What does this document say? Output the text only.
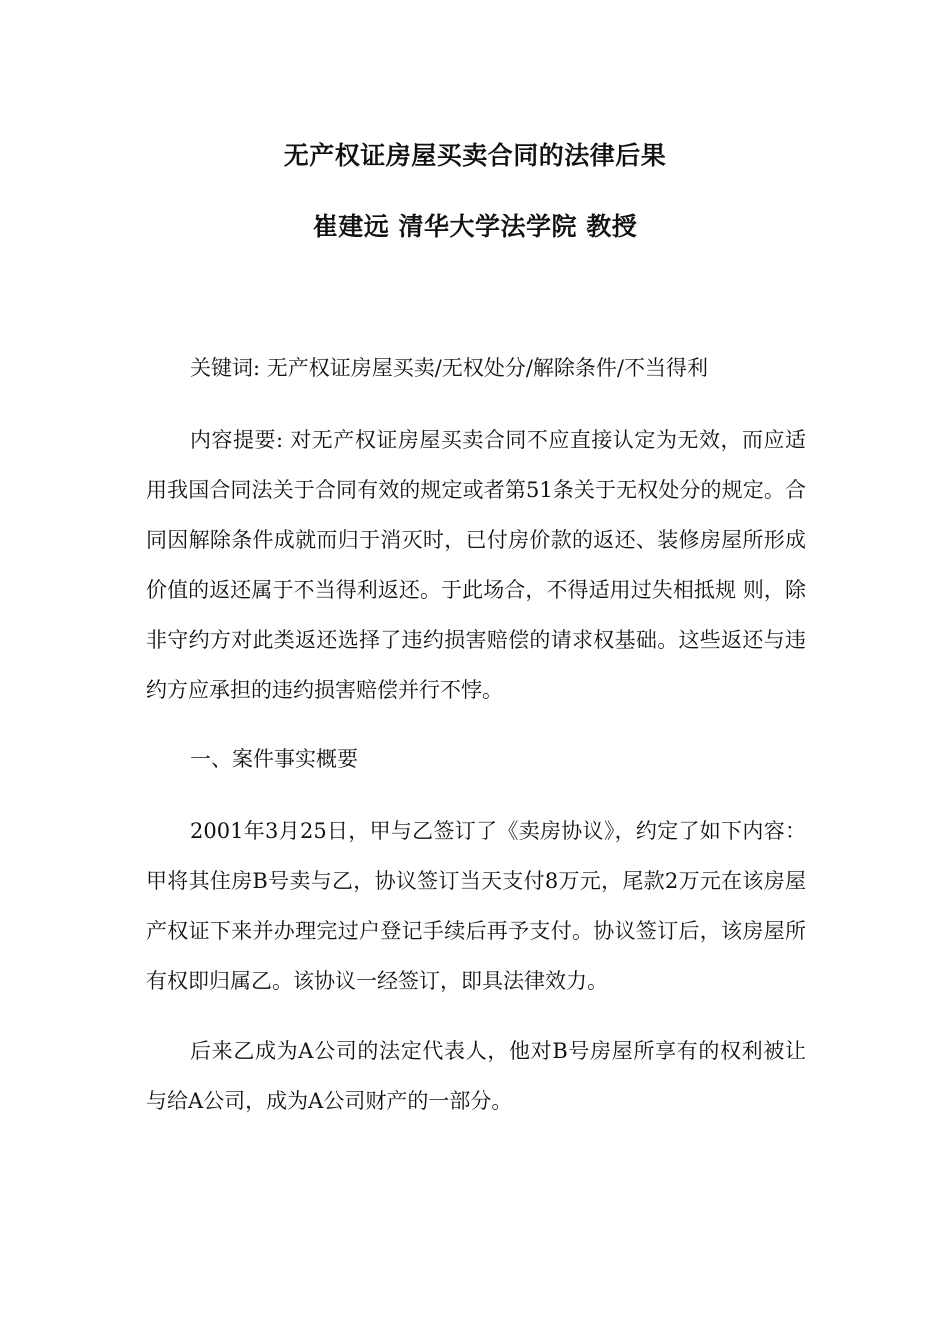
无产权证房屋买卖合同的法律后果
崔建远 清华大学法学院 教授

关键词: 无产权证房屋买卖/无权处分/解除条件/不当得利

内容提要: 对无产权证房屋买卖合同不应直接认定为无效，而应适用我国合同法关于合同有效的规定或者第51条关于无权处分的规定。合同因解除条件成就而归于消灭时，已付房价款的返还、装修房屋所形成价值的返还属于不当得利返还。于此场合，不得适用过失相抵规 则，除非守约方对此类返还选择了违约损害赔偿的请求权基础。这些返还与违约方应承担的违约损害赔偿并行不悖。

一、案件事实概要

2001年3月25日，甲与乙签订了《卖房协议》，约定了如下内容：甲将其住房B号卖与乙，协议签订当天支付8万元，尾款2万元在该房屋产权证下来并办理完过户登记手续后再予支付。协议签订后，该房屋所有权即归属乙。该协议一经签订，即具法律效力。

后来乙成为A公司的法定代表人，他对B号房屋所享有的权利被让与给A公司，成为A公司财产的一部分。
